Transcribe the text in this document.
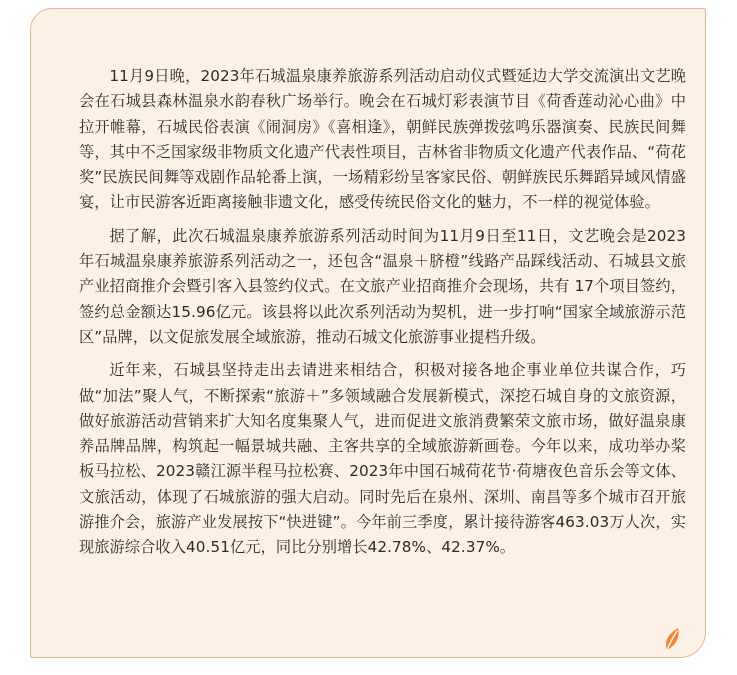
11月9日晚，2023年石城温泉康养旅游系列活动启动仪式暨延边大学交流演出文艺晚会在石城县森林温泉水韵春秋广场举行。晚会在石城灯彩表演节目《荷香莲动沁心曲》中拉开帷幕，石城民俗表演《闹洞房》《喜相逢》，朝鲜民族弹拨弦鸣乐器演奏、民族民间舞等，其中不乏国家级非物质文化遗产代表性项目，吉林省非物质文化遗产代表作品、“荷花奖”民族民间舞等戏剧作品轮番上演，一场精彩纷呈客家民俗、朝鲜族民乐舞蹈异域风情盛宴，让市民游客近距离接触非遗文化，感受传统民俗文化的魅力，不一样的视觉体验。

据了解，此次石城温泉康养旅游系列活动时间为11月9日至11日，文艺晚会是2023年石城温泉康养旅游系列活动之一，还包含“温泉＋脐橙”线路产品踩线活动、石城县文旅产业招商推介会暨引客入县签约仪式。在文旅产业招商推介会现场，共有 17个项目签约，签约总金额达15.96亿元。该县将以此次系列活动为契机，进一步打响“国家全域旅游示范区”品牌，以文促旅发展全域旅游，推动石城文化旅游事业提档升级。

近年来，石城县坚持走出去请进来相结合，积极对接各地企事业单位共谋合作，巧做“加法”聚人气，不断探索“旅游＋”多领域融合发展新模式，深挖石城自身的文旅资源，做好旅游活动营销来扩大知名度集聚人气，进而促进文旅消费繁荣文旅市场，做好温泉康养品牌品牌，构筑起一幅景城共融、主客共享的全域旅游新画卷。今年以来，成功举办桨板马拉松、2023赣江源半程马拉松赛、2023年中国石城荷花节·荷塘夜色音乐会等文体、文旅活动，体现了石城旅游的强大启动。同时先后在泉州、深圳、南昌等多个城市召开旅游推介会，旅游产业发展按下“快进键”。今年前三季度，累计接待游客463.03万人次，实现旅游综合收入40.51亿元，同比分别增长42.78%、42.37%。
